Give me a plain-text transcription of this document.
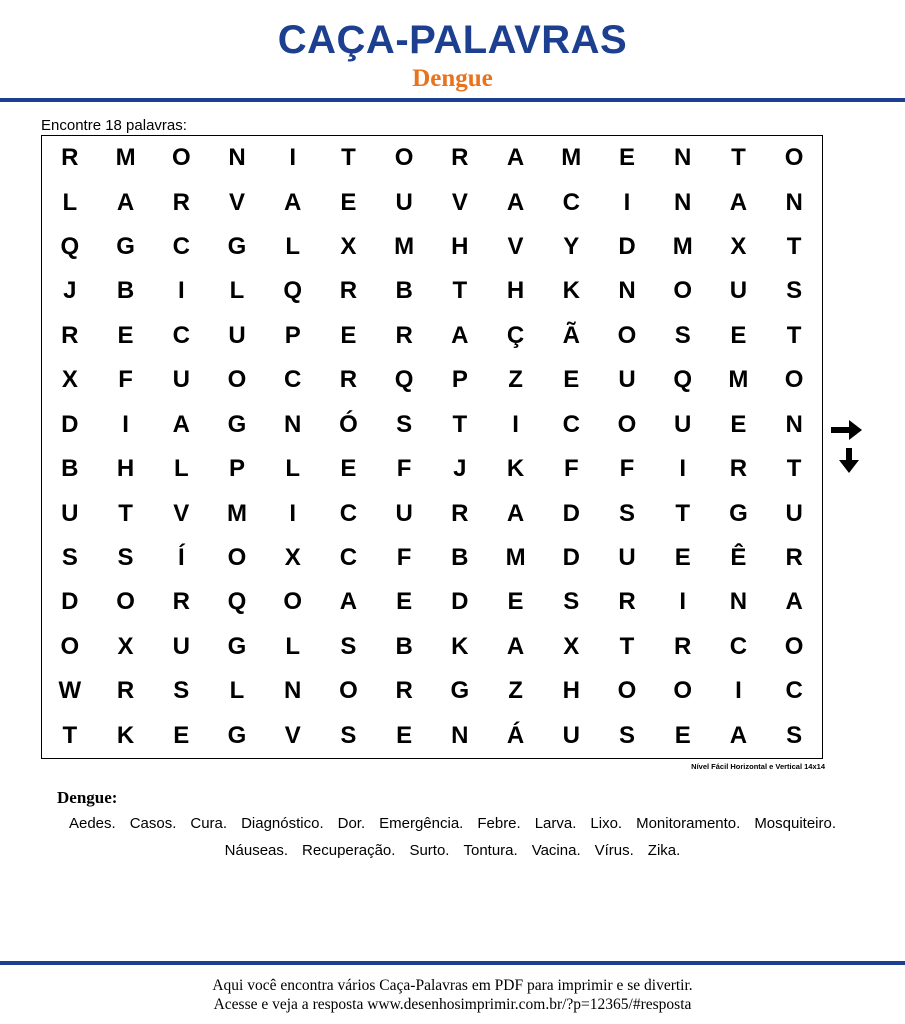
CAÇA-PALAVRAS
Dengue
Encontre 18 palavras:
R	M	O	N	I	T	O	R	A	M	E	N	T	O
L	A	R	V	A	E	U	V	A	C	I	N	A	N
Q	G	C	G	L	X	M	H	V	Y	D	M	X	T
J	B	I	L	Q	R	B	T	H	K	N	O	U	S
R	E	C	U	P	E	R	A	Ç	Ã	O	S	E	T
X	F	U	O	C	R	Q	P	Z	E	U	Q	M	O
D	I	A	G	N	Ó	S	T	I	C	O	U	E	N
B	H	L	P	L	E	F	J	K	F	F	I	R	T
U	T	V	M	I	C	U	R	A	D	S	T	G	U
S	S	Í	O	X	C	F	B	M	D	U	E	Ê	R
D	O	R	Q	O	A	E	D	E	S	R	I	N	A
O	X	U	G	L	S	B	K	A	X	T	R	C	O
W	R	S	L	N	O	R	G	Z	H	O	O	I	C
T	K	E	G	V	S	E	N	Á	U	S	E	A	S
Nível Fácil Horizontal e Vertical 14x14
Dengue:
Aedes. Casos. Cura. Diagnóstico. Dor. Emergência. Febre. Larva. Lixo. Monitoramento. Mosquiteiro.Náuseas. Recuperação. Surto. Tontura. Vacina. Vírus. Zika.
Aqui você encontra vários Caça-Palavras em PDF para imprimir e se divertir.
Acesse e veja a resposta www.desenhosimprimir.com.br/?p=12365/#resposta
